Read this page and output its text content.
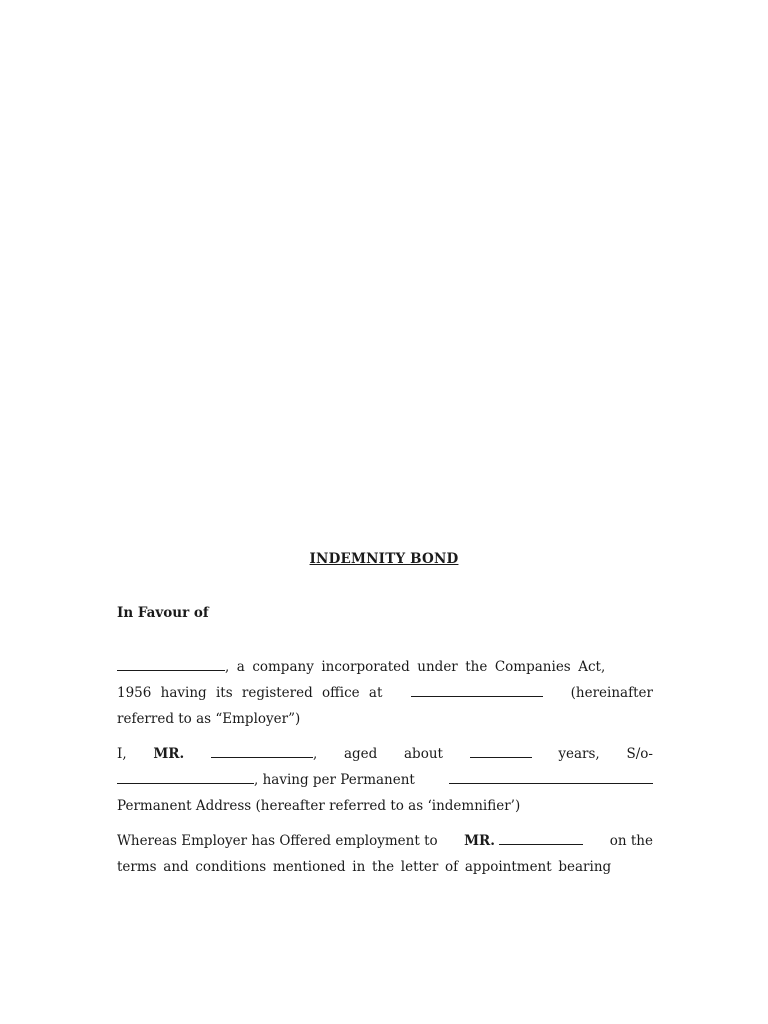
INDEMNITY BOND
In Favour of
, a company incorporated under the Companies Act,
1956 having its registered office at	(hereinafter
referred to as “Employer”)
I, MR.	, aged about	years, S/o-
, having per Permanent
Permanent Address (hereafter referred to as ‘indemnifier’)
Whereas Employer has Offered employment to MR.	on the
terms and conditions mentioned in the letter of appointment bearing
